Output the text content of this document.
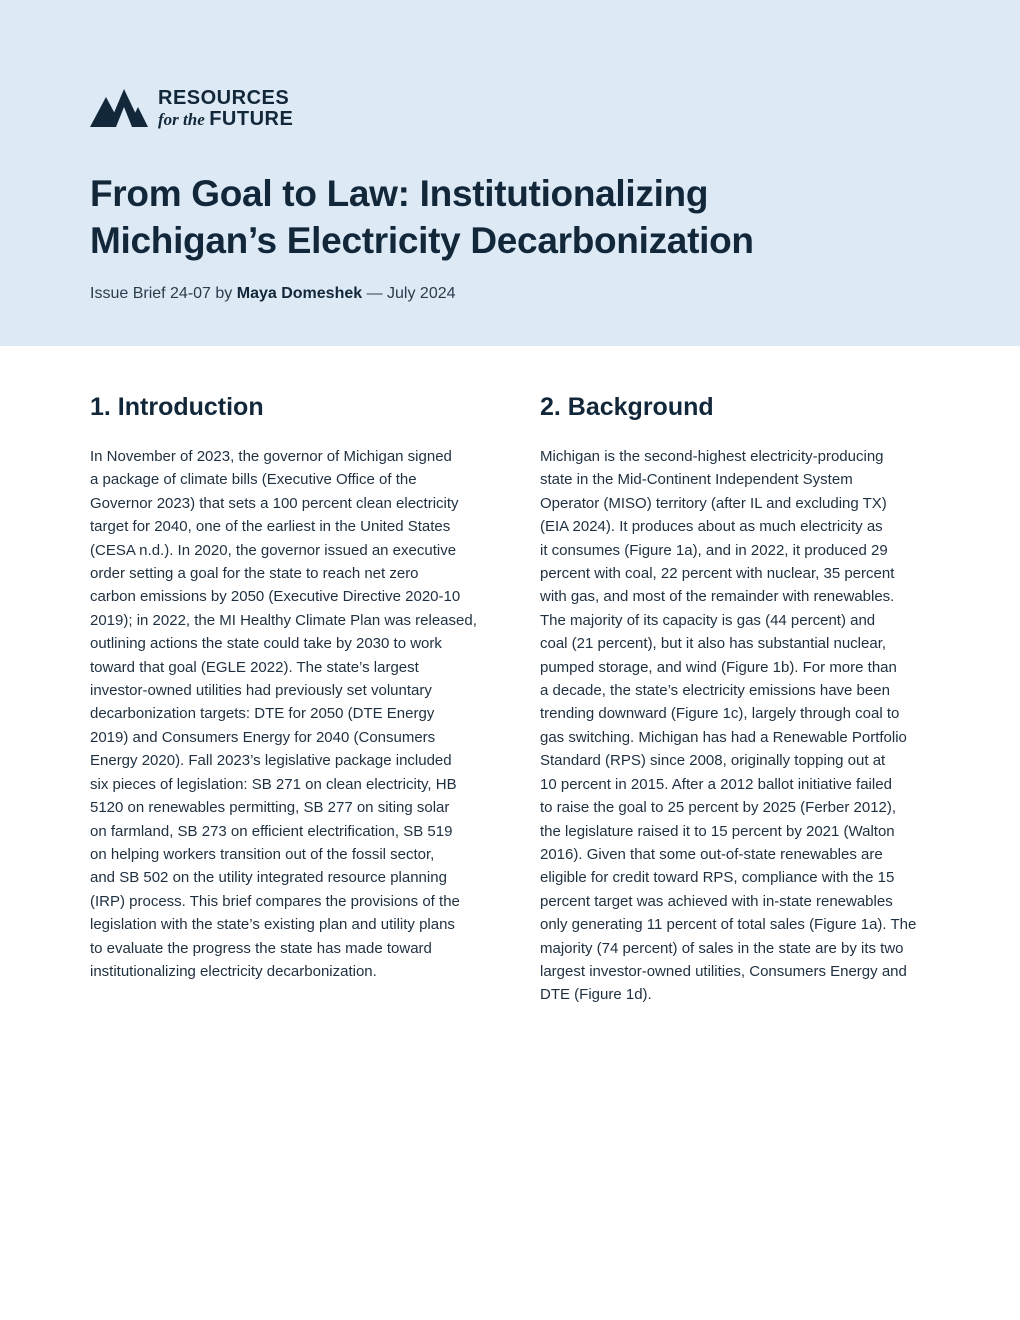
RESOURCES
for the FUTURE
From Goal to Law: Institutionalizing
Michigan’s Electricity Decarbonization
Issue Brief 24-07 by Maya Domeshek — July 2024
1. Introduction

In November of 2023, the governor of Michigan signed
a package of climate bills (Executive Office of the
Governor 2023) that sets a 100 percent clean electricity
target for 2040, one of the earliest in the United States
(CESA n.d.). In 2020, the governor issued an executive
order setting a goal for the state to reach net zero
carbon emissions by 2050 (Executive Directive 2020-10
2019); in 2022, the MI Healthy Climate Plan was released,
outlining actions the state could take by 2030 to work
toward that goal (EGLE 2022). The state’s largest
investor-owned utilities had previously set voluntary
decarbonization targets: DTE for 2050 (DTE Energy
2019) and Consumers Energy for 2040 (Consumers
Energy 2020). Fall 2023’s legislative package included
six pieces of legislation: SB 271 on clean electricity, HB
5120 on renewables permitting, SB 277 on siting solar
on farmland, SB 273 on efficient electrification, SB 519
on helping workers transition out of the fossil sector,
and SB 502 on the utility integrated resource planning
(IRP) process. This brief compares the provisions of the
legislation with the state’s existing plan and utility plans
to evaluate the progress the state has made toward
institutionalizing electricity decarbonization.

2. Background

Michigan is the second-highest electricity-producing
state in the Mid-Continent Independent System
Operator (MISO) territory (after IL and excluding TX)
(EIA 2024). It produces about as much electricity as
it consumes (Figure 1a), and in 2022, it produced 29
percent with coal, 22 percent with nuclear, 35 percent
with gas, and most of the remainder with renewables.
The majority of its capacity is gas (44 percent) and
coal (21 percent), but it also has substantial nuclear,
pumped storage, and wind (Figure 1b). For more than
a decade, the state’s electricity emissions have been
trending downward (Figure 1c), largely through coal to
gas switching. Michigan has had a Renewable Portfolio
Standard (RPS) since 2008, originally topping out at
10 percent in 2015. After a 2012 ballot initiative failed
to raise the goal to 25 percent by 2025 (Ferber 2012),
the legislature raised it to 15 percent by 2021 (Walton
2016). Given that some out-of-state renewables are
eligible for credit toward RPS, compliance with the 15
percent target was achieved with in-state renewables
only generating 11 percent of total sales (Figure 1a). The
majority (74 percent) of sales in the state are by its two
largest investor-owned utilities, Consumers Energy and
DTE (Figure 1d).
